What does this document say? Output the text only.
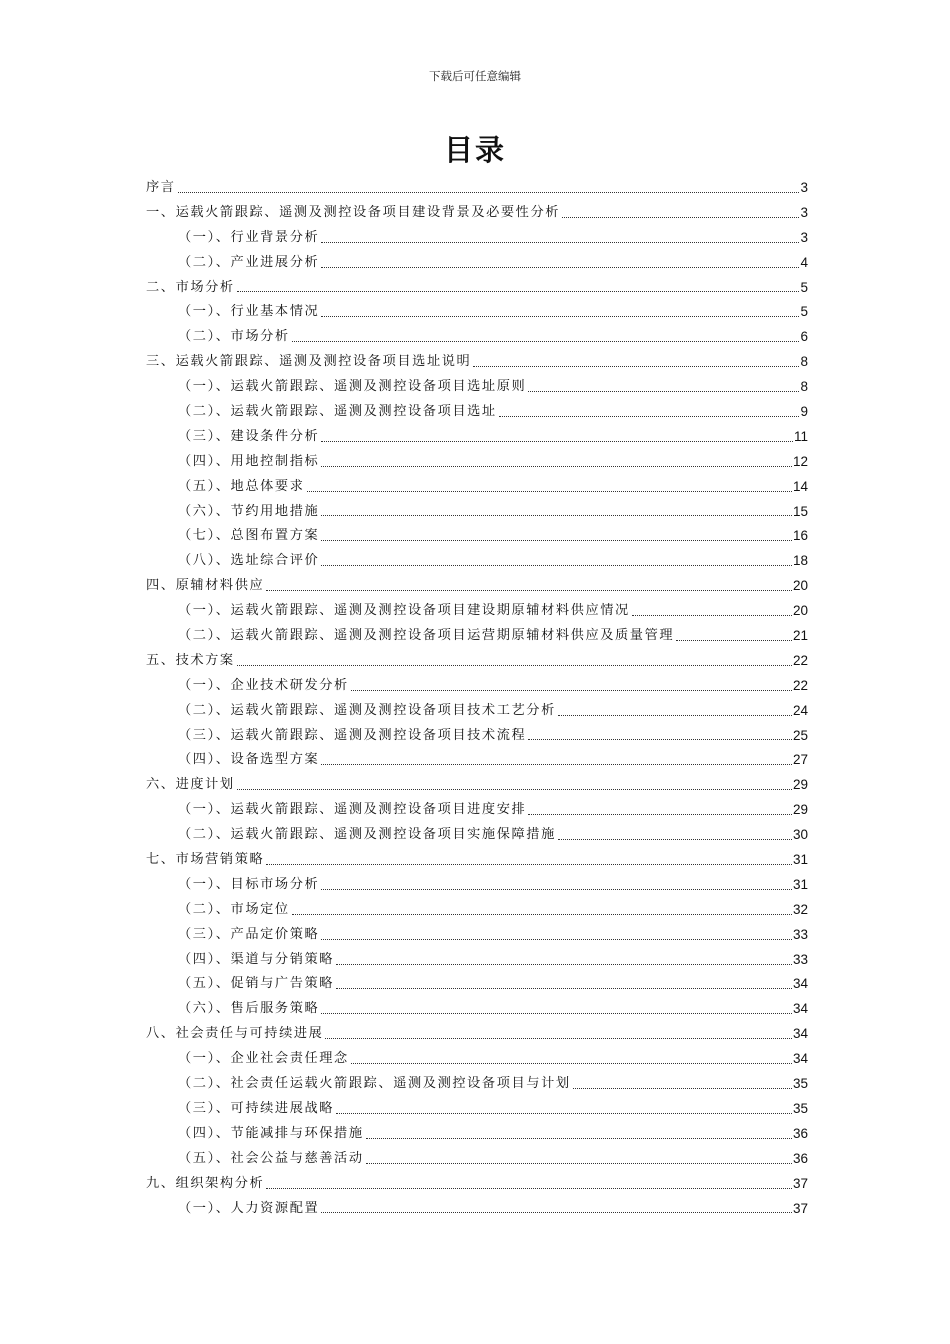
下载后可任意编辑
目录
序言	3
一、运载火箭跟踪、遥测及测控设备项目建设背景及必要性分析	3
（一）、行业背景分析	3
（二）、产业进展分析	4
二、市场分析	5
（一）、行业基本情况	5
（二）、市场分析	6
三、运载火箭跟踪、遥测及测控设备项目选址说明	8
（一）、运载火箭跟踪、遥测及测控设备项目选址原则	8
（二）、运载火箭跟踪、遥测及测控设备项目选址	9
（三）、建设条件分析	11
（四）、用地控制指标	12
（五）、地总体要求	14
（六）、节约用地措施	15
（七）、总图布置方案	16
（八）、选址综合评价	18
四、原辅材料供应	20
（一）、运载火箭跟踪、遥测及测控设备项目建设期原辅材料供应情况	20
（二）、运载火箭跟踪、遥测及测控设备项目运营期原辅材料供应及质量管理	21
五、技术方案	22
（一）、企业技术研发分析	22
（二）、运载火箭跟踪、遥测及测控设备项目技术工艺分析	24
（三）、运载火箭跟踪、遥测及测控设备项目技术流程	25
（四）、设备选型方案	27
六、进度计划	29
（一）、运载火箭跟踪、遥测及测控设备项目进度安排	29
（二）、运载火箭跟踪、遥测及测控设备项目实施保障措施	30
七、市场营销策略	31
（一）、目标市场分析	31
（二）、市场定位	32
（三）、产品定价策略	33
（四）、渠道与分销策略	33
（五）、促销与广告策略	34
（六）、售后服务策略	34
八、社会责任与可持续进展	34
（一）、企业社会责任理念	34
（二）、社会责任运载火箭跟踪、遥测及测控设备项目与计划	35
（三）、可持续进展战略	35
（四）、节能减排与环保措施	36
（五）、社会公益与慈善活动	36
九、组织架构分析	37
（一）、人力资源配置	37
